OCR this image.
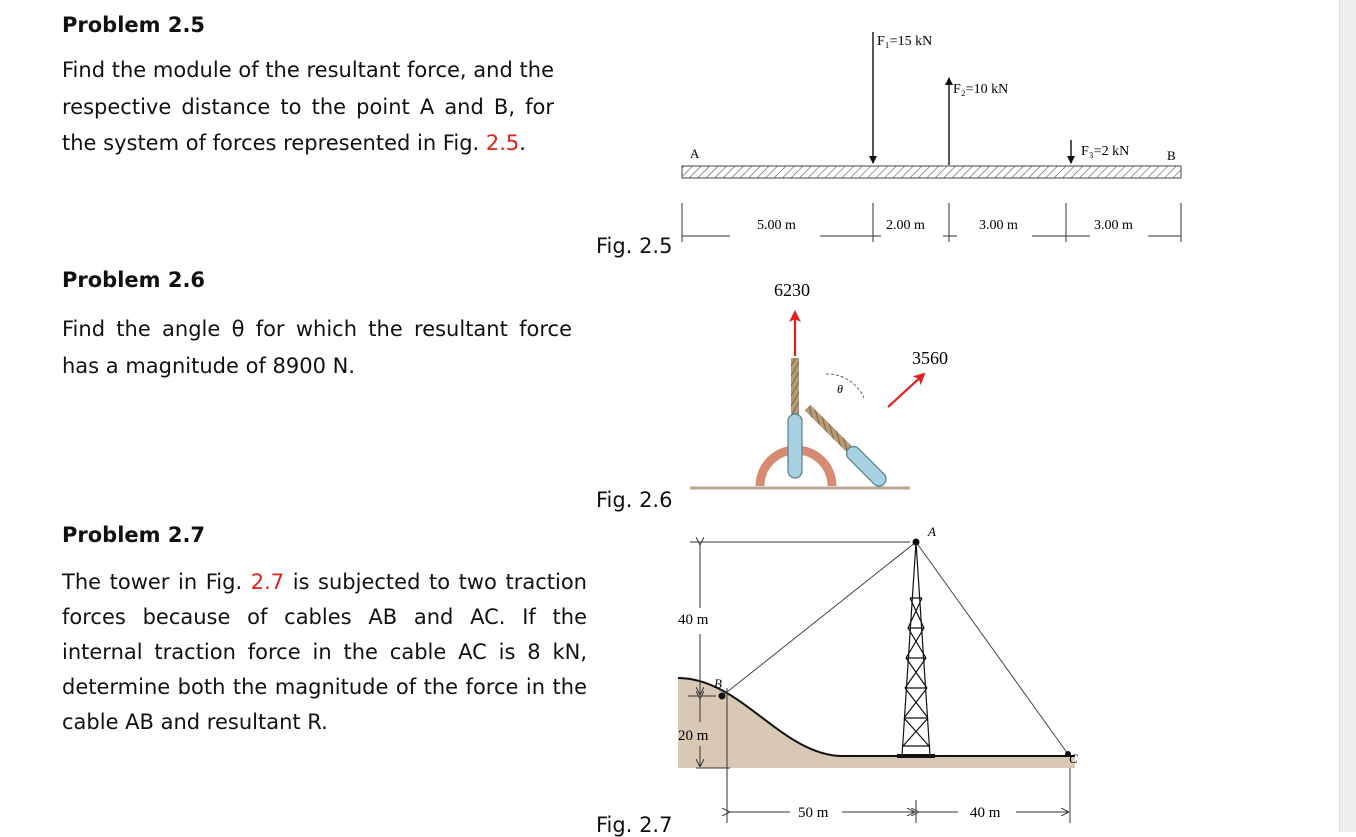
Problem 2.5

Find the module of the resultant force, and the respective distance to the point A and B, for the system of forces represented in Fig. 2.5.

Problem 2.6

Find the angle θ for which the resultant force has a magnitude of 8900 N.

Problem 2.7

The tower in Fig. 2.7 is subjected to two traction forces because of cables AB and AC. If the internal traction force in the cable AC is 8 kN, determine both the magnitude of the force in the cable AB and resultant R.

Fig. 2.5
Fig. 2.6
Fig. 2.7
A	B
F₁=15 kN
F₂=10 kN
F₃=2 kN
5.00 m	2.00 m	3.00 m	3.00 m
6230
3560
θ
A
B
C
40 m
20 m
50 m	40 m
